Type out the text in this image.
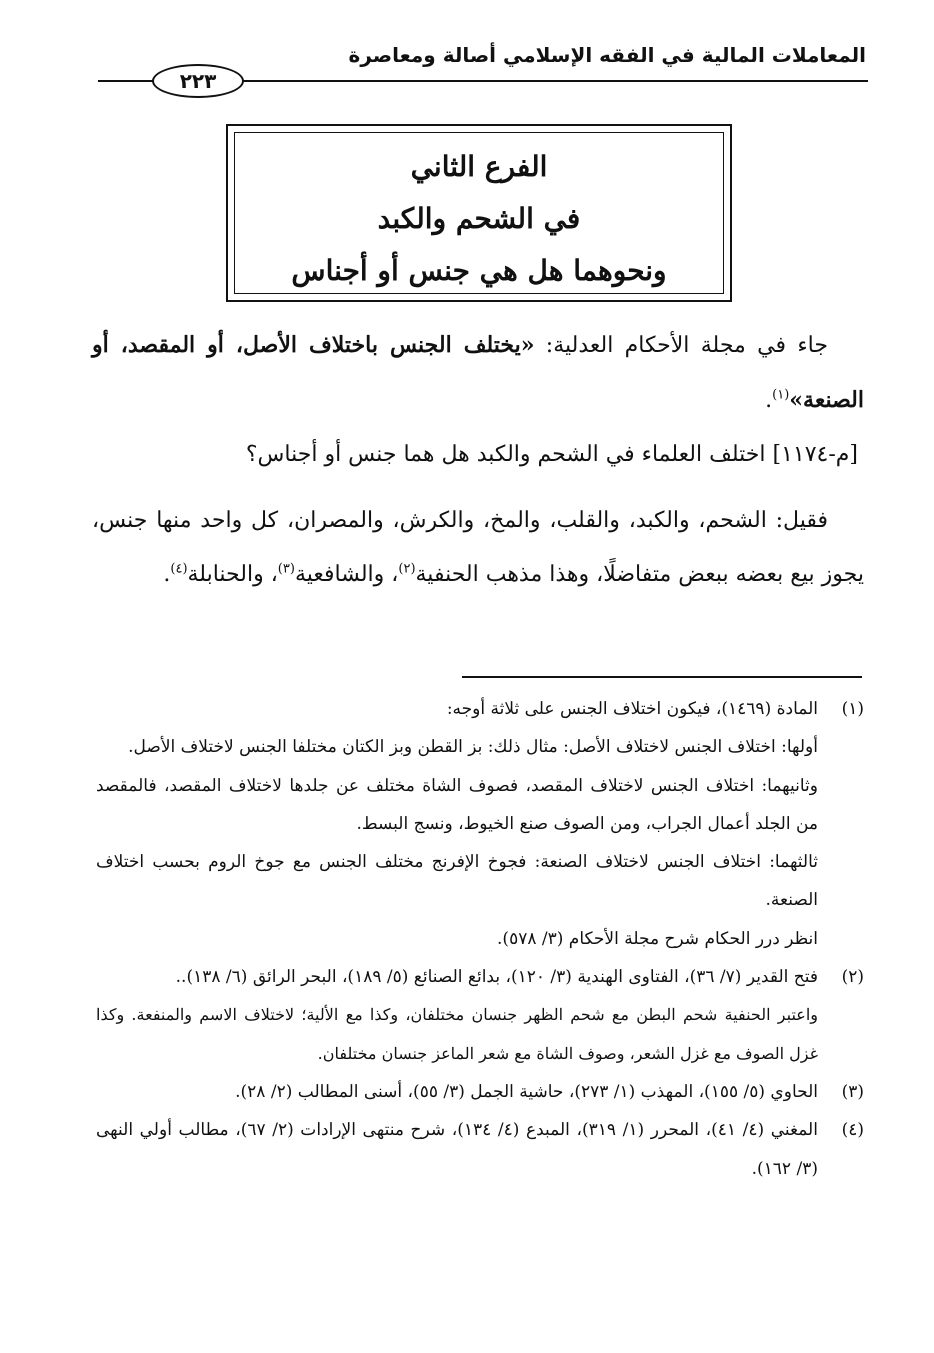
المعاملات المالية في الفقه الإسلامي أصالة ومعاصرة
٢٢٣
الفرع الثاني
في الشحم والكبد
ونحوهما هل هي جنس أو أجناس
جاء في مجلة الأحكام العدلية: «يختلف الجنس باختلاف الأصل، أو المقصد، أو الصنعة»$^{(١)}$.
[م-١١٧٤] اختلف العلماء في الشحم والكبد هل هما جنس أو أجناس؟
فقيل: الشحم، والكبد، والقلب، والمخ، والكرش، والمصران، كل واحد منها جنس، يجوز بيع بعضه ببعض متفاضلًا، وهذا مذهب الحنفية$^{(٢)}$، والشافعية$^{(٣)}$، والحنابلة$^{(٤)}$.
(١)
المادة (١٤٦٩)، فيكون اختلاف الجنس على ثلاثة أوجه:
أولها: اختلاف الجنس لاختلاف الأصل: مثال ذلك: بز القطن وبز الكتان مختلفا الجنس لاختلاف الأصل.
وثانيهما: اختلاف الجنس لاختلاف المقصد، فصوف الشاة مختلف عن جلدها لاختلاف المقصد، فالمقصد من الجلد أعمال الجراب، ومن الصوف صنع الخيوط، ونسج البسط.
ثالثهما: اختلاف الجنس لاختلاف الصنعة: فجوخ الإفرنج مختلف الجنس مع جوخ الروم بحسب اختلاف الصنعة.
انظر درر الحكام شرح مجلة الأحكام (٣/ ٥٧٨).
(٢)
فتح القدير (٧/ ٣٦)، الفتاوى الهندية (٣/ ١٢٠)، بدائع الصنائع (٥/ ١٨٩)، البحر الرائق (٦/ ١٣٨)..
واعتبر الحنفية شحم البطن مع شحم الظهر جنسان مختلفان، وكذا مع الألية؛ لاختلاف الاسم والمنفعة. وكذا غزل الصوف مع غزل الشعر، وصوف الشاة مع شعر الماعز جنسان مختلفان.
(٣)
الحاوي (٥/ ١٥٥)، المهذب (١/ ٢٧٣)، حاشية الجمل (٣/ ٥٥)، أسنى المطالب (٢/ ٢٨).
(٤)
المغني (٤/ ٤١)، المحرر (١/ ٣١٩)، المبدع (٤/ ١٣٤)، شرح منتهى الإرادات (٢/ ٦٧)، مطالب أولي النهى (٣/ ١٦٢).
